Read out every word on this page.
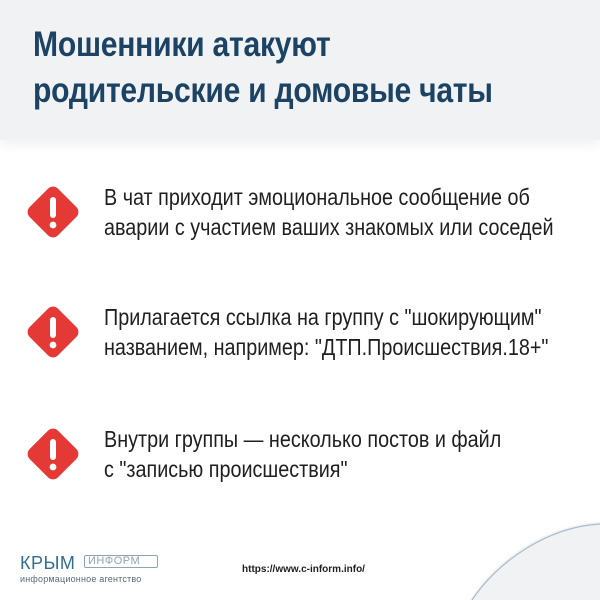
Мошенники атакуют
родительские и домовые чаты

В чат приходит эмоциональное сообщение об
аварии с участием ваших знакомых или соседей

Прилагается ссылка на группу с "шокирующим"
названием, например: "ДТП.Происшествия.18+"

Внутри группы — несколько постов и файл
с "записью происшествия"

КРЫМ ИНФОРМ
информационное агентство
https://www.c-inform.info/
